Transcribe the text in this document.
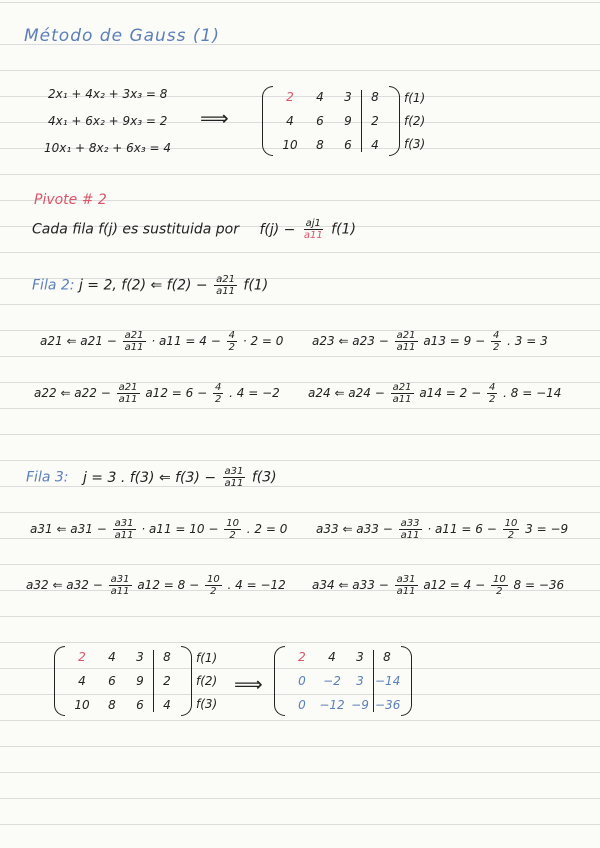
Método de Gauss (1)
2x₁ + 4x₂ + 3x₃ = 8
4x₁ + 6x₂ + 9x₃ = 2
10x₁ + 8x₂ + 6x₃ = 4
⟹
2	4	3	8
4	6	9	2
10	8	6	4
f(1)
f(2)
f(3)
Pivote # 2
Cada fila f(j) es sustituida por $f(j) - \frac{aj1}{a11} f(1)$
Fila 2: j = 2, f(2) ⇐ $f(2) - \frac{a21}{a11} f(1)$
a21 ⇐ $a21 - \frac{a21}{a11} \cdot a11 = 4 - \frac{4}{2} \cdot 2 = 0$ a23 ⇐ $a23 - \frac{a21}{a11} a13 = 9 - \frac{4}{2}$ . 3 = 3
a22 ⇐ $a22 - \frac{a21}{a11} a12 = 6 - \frac{4}{2}$ . 4 = −2 a24 ⇐ $a24 - \frac{a21}{a11} a14 = 2 - \frac{4}{2}$ . 8 = −14
Fila 3: j = 3 . f(3) ⇐ $f(3) - \frac{a31}{a11} f(3)$
a31 ⇐ $a31 - \frac{a31}{a11} \cdot a11 = 10 - \frac{10}{2}$ . 2 = 0 a33 ⇐ $a33 - \frac{a33}{a11} \cdot a11 = 6 - \frac{10}{2} 3 = -9$
a32 ⇐ $a32 - \frac{a31}{a11} a12 = 8 - \frac{10}{2}$ . 4 = −12 a34 ⇐ $a33 - \frac{a31}{a11} a12 = 4 - \frac{10}{2} 8 = -36$
2	4	3	8
4	6	9	2
10	8	6	4
f(1)
f(2)
f(3)
⟹
2	4	3	8
0	−2	3 −14
0	−12 −9 −36
